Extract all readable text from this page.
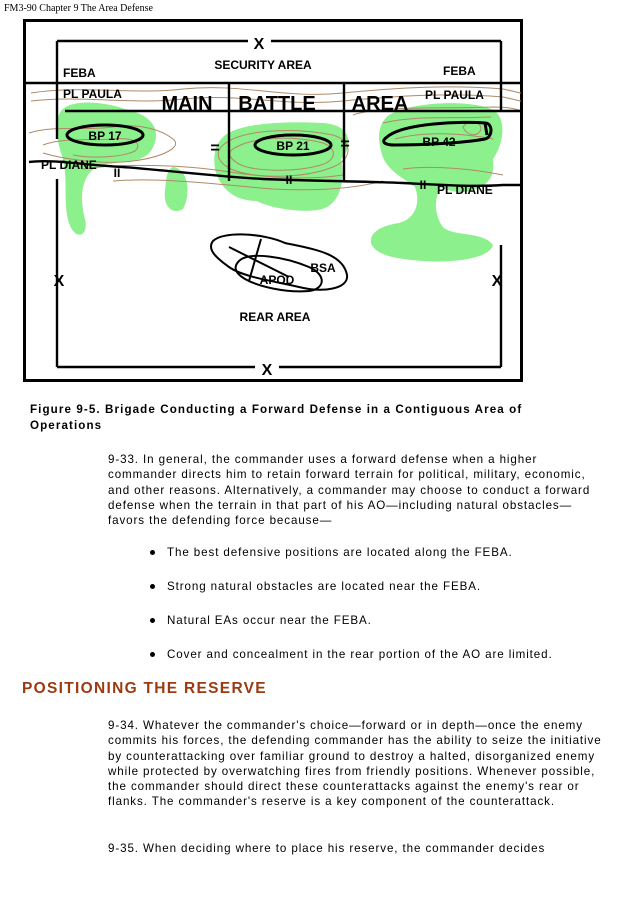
FM3-90 Chapter 9 The Area Defense
X
SECURITY AREA
FEBA	FEBA
PL PAULA	PL PAULA
MAIN BATTLE AREA
BP 17
BP 21	BP 42
=	=
PL DIANE
PL DIANE
II	II	II
X	X
BSA
APOD
REAR AREA
X
Figure 9-5. Brigade Conducting a Forward Defense in a Contiguous Area of Operations
9-33. In general, the commander uses a forward defense when a higher commander directs him to retain forward terrain for political, military, economic, and other reasons. Alternatively, a commander may choose to conduct a forward defense when the terrain in that part of his AO—including natural obstacles—favors the defending force because—
The best defensive positions are located along the FEBA.
Strong natural obstacles are located near the FEBA.
Natural EAs occur near the FEBA.
Cover and concealment in the rear portion of the AO are limited.
POSITIONING THE RESERVE
9-34. Whatever the commander's choice—forward or in depth—once the enemy commits his forces, the defending commander has the ability to seize the initiative by counterattacking over familiar ground to destroy a halted, disorganized enemy while protected by overwatching fires from friendly positions. Whenever possible, the commander should direct these counterattacks against the enemy's rear or flanks. The commander's reserve is a key component of the counterattack.
9-35. When deciding where to place his reserve, the commander decides
